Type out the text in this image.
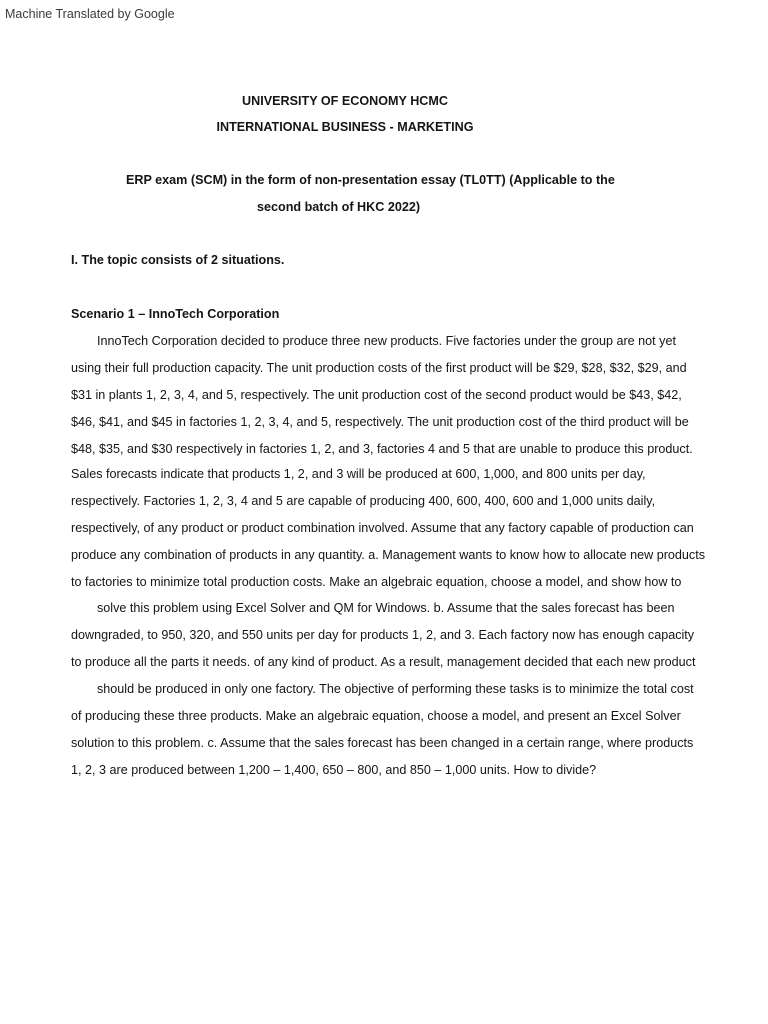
Machine Translated by Google
UNIVERSITY OF ECONOMY HCMC
INTERNATIONAL BUSINESS - MARKETING
ERP exam (SCM) in the form of non-presentation essay (TL0TT) (Applicable to the
second batch of HKC 2022)
I. The topic consists of 2 situations.
Scenario 1 – InnoTech Corporation
InnoTech Corporation decided to produce three new products. Five factories under the group are not yet
using their full production capacity. The unit production costs of the first product will be $29, $28, $32, $29, and
$31 in plants 1, 2, 3, 4, and 5, respectively. The unit production cost of the second product would be $43, $42,
$46, $41, and $45 in factories 1, 2, 3, 4, and 5, respectively. The unit production cost of the third product will be
$48, $35, and $30 respectively in factories 1, 2, and 3, factories 4 and 5 that are unable to produce this product.
Sales forecasts indicate that products 1, 2, and 3 will be produced at 600, 1,000, and 800 units per day,
respectively. Factories 1, 2, 3, 4 and 5 are capable of producing 400, 600, 400, 600 and 1,000 units daily,
respectively, of any product or product combination involved. Assume that any factory capable of production can
produce any combination of products in any quantity. a. Management wants to know how to allocate new products
to factories to minimize total production costs. Make an algebraic equation, choose a model, and show how to
solve this problem using Excel Solver and QM for Windows. b. Assume that the sales forecast has been
downgraded, to 950, 320, and 550 units per day for products 1, 2, and 3. Each factory now has enough capacity
to produce all the parts it needs. of any kind of product. As a result, management decided that each new product
should be produced in only one factory. The objective of performing these tasks is to minimize the total cost
of producing these three products. Make an algebraic equation, choose a model, and present an Excel Solver
solution to this problem. c. Assume that the sales forecast has been changed in a certain range, where products
1, 2, 3 are produced between 1,200 – 1,400, 650 – 800, and 850 – 1,000 units. How to divide?
